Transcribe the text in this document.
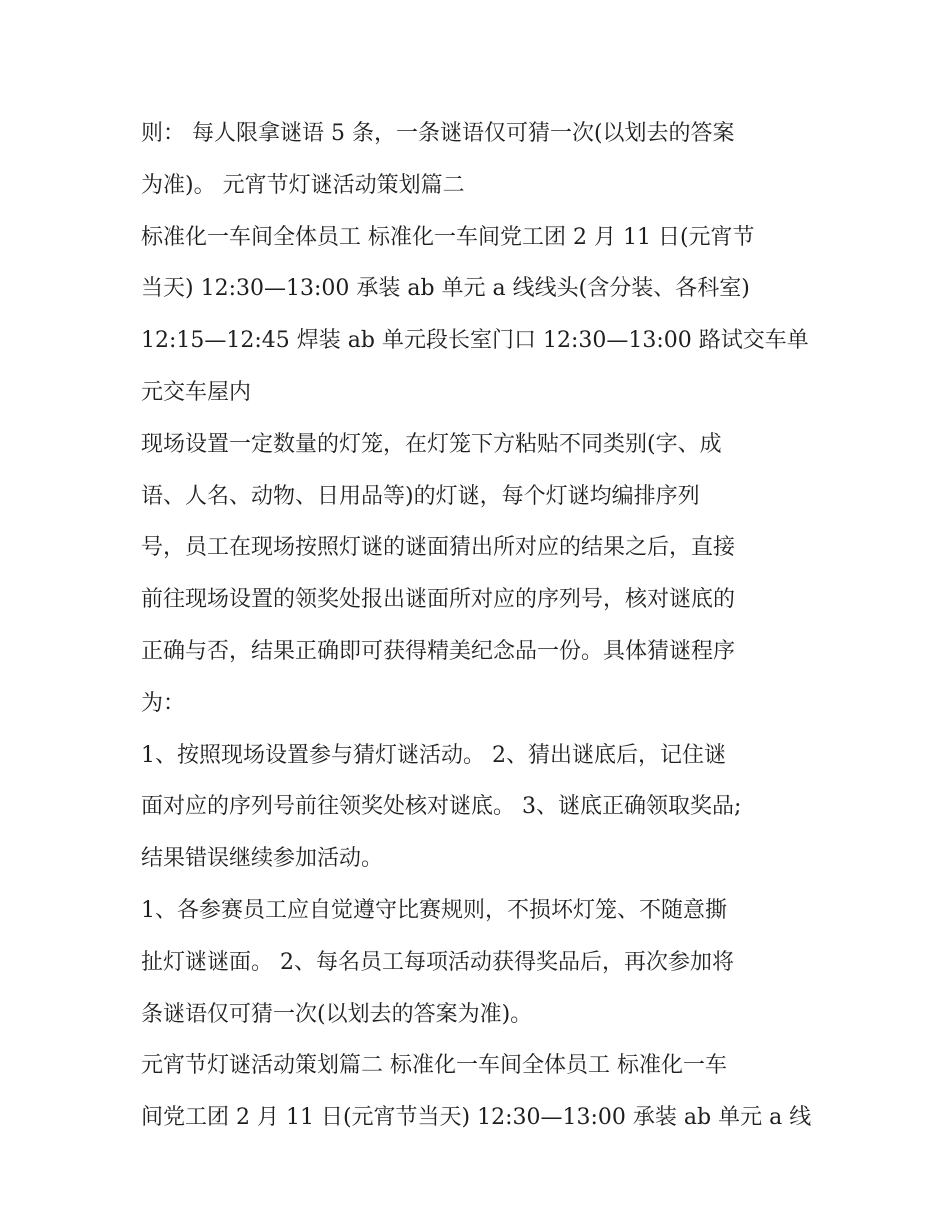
则： 每人限拿谜语 5 条，一条谜语仅可猜一次(以划去的答案
为准)。 元宵节灯谜活动策划篇二
标准化一车间全体员工 标准化一车间党工团 2 月 11 日(元宵节
当天) 12:30—13:00 承装 ab 单元 a 线线头(含分装、各科室)
12:15—12:45 焊装 ab 单元段长室门口 12:30—13:00 路试交车单
元交车屋内
现场设置一定数量的灯笼，在灯笼下方粘贴不同类别(字、成
语、人名、动物、日用品等)的灯谜，每个灯谜均编排序列
号，员工在现场按照灯谜的谜面猜出所对应的结果之后，直接
前往现场设置的领奖处报出谜面所对应的序列号，核对谜底的
正确与否，结果正确即可获得精美纪念品一份。具体猜谜程序
为：
1、按照现场设置参与猜灯谜活动。 2、猜出谜底后，记住谜
面对应的序列号前往领奖处核对谜底。 3、谜底正确领取奖品;
结果错误继续参加活动。
1、各参赛员工应自觉遵守比赛规则，不损坏灯笼、不随意撕
扯灯谜谜面。 2、每名员工每项活动获得奖品后，再次参加将
条谜语仅可猜一次(以划去的答案为准)。
元宵节灯谜活动策划篇二 标准化一车间全体员工 标准化一车
间党工团 2 月 11 日(元宵节当天) 12:30—13:00 承装 ab 单元 a 线
